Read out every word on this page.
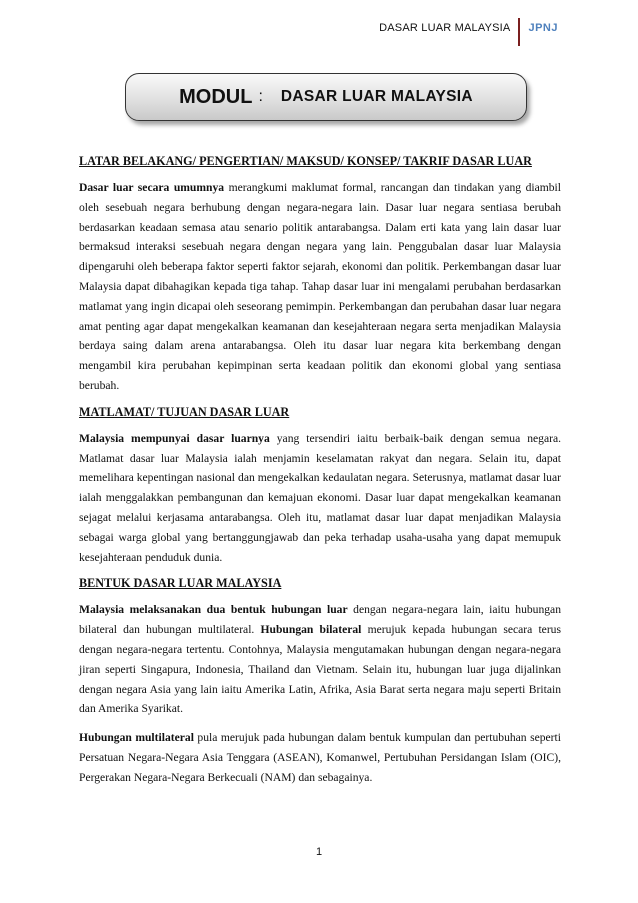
DASAR LUAR MALAYSIA	JPNJ
MODUL : DASAR LUAR MALAYSIA
LATAR BELAKANG/ PENGERTIAN/ MAKSUD/ KONSEP/ TAKRIF DASAR LUAR

Dasar luar secara umumnya merangkumi maklumat formal, rancangan dan tindakan yang diambil oleh sesebuah negara berhubung dengan negara-negara lain. Dasar luar negara sentiasa berubah berdasarkan keadaan semasa atau senario politik antarabangsa. Dalam erti kata yang lain dasar luar bermaksud interaksi sesebuah negara dengan negara yang lain. Penggubalan dasar luar Malaysia dipengaruhi oleh beberapa faktor seperti faktor sejarah, ekonomi dan politik. Perkembangan dasar luar Malaysia dapat dibahagikan kepada tiga tahap. Tahap dasar luar ini mengalami perubahan berdasarkan matlamat yang ingin dicapai oleh seseorang pemimpin. Perkembangan dan perubahan dasar luar negara amat penting agar dapat mengekalkan keamanan dan kesejahteraan negara serta menjadikan Malaysia berdaya saing dalam arena antarabangsa. Oleh itu dasar luar negara kita berkembang dengan mengambil kira perubahan kepimpinan serta keadaan politik dan ekonomi global yang sentiasa berubah.

MATLAMAT/ TUJUAN DASAR LUAR

Malaysia mempunyai dasar luarnya yang tersendiri iaitu berbaik-baik dengan semua negara. Matlamat dasar luar Malaysia ialah menjamin keselamatan rakyat dan negara. Selain itu, dapat memelihara kepentingan nasional dan mengekalkan kedaulatan negara. Seterusnya, matlamat dasar luar ialah menggalakkan pembangunan dan kemajuan ekonomi. Dasar luar dapat mengekalkan keamanan sejagat melalui kerjasama antarabangsa. Oleh itu, matlamat dasar luar dapat menjadikan Malaysia sebagai warga global yang bertanggungjawab dan peka terhadap usaha-usaha yang dapat memupuk kesejahteraan penduduk dunia.

BENTUK DASAR LUAR MALAYSIA

Malaysia melaksanakan dua bentuk hubungan luar dengan negara-negara lain, iaitu hubungan bilateral dan hubungan multilateral. Hubungan bilateral merujuk kepada hubungan secara terus dengan negara-negara tertentu. Contohnya, Malaysia mengutamakan hubungan dengan negara-negara jiran seperti Singapura, Indonesia, Thailand dan Vietnam. Selain itu, hubungan luar juga dijalinkan dengan negara Asia yang lain iaitu Amerika Latin, Afrika, Asia Barat serta negara maju seperti Britain dan Amerika Syarikat.

Hubungan multilateral pula merujuk pada hubungan dalam bentuk kumpulan dan pertubuhan seperti Persatuan Negara-Negara Asia Tenggara (ASEAN), Komanwel, Pertubuhan Persidangan Islam (OIC), Pergerakan Negara-Negara Berkecuali (NAM) dan sebagainya.

1
